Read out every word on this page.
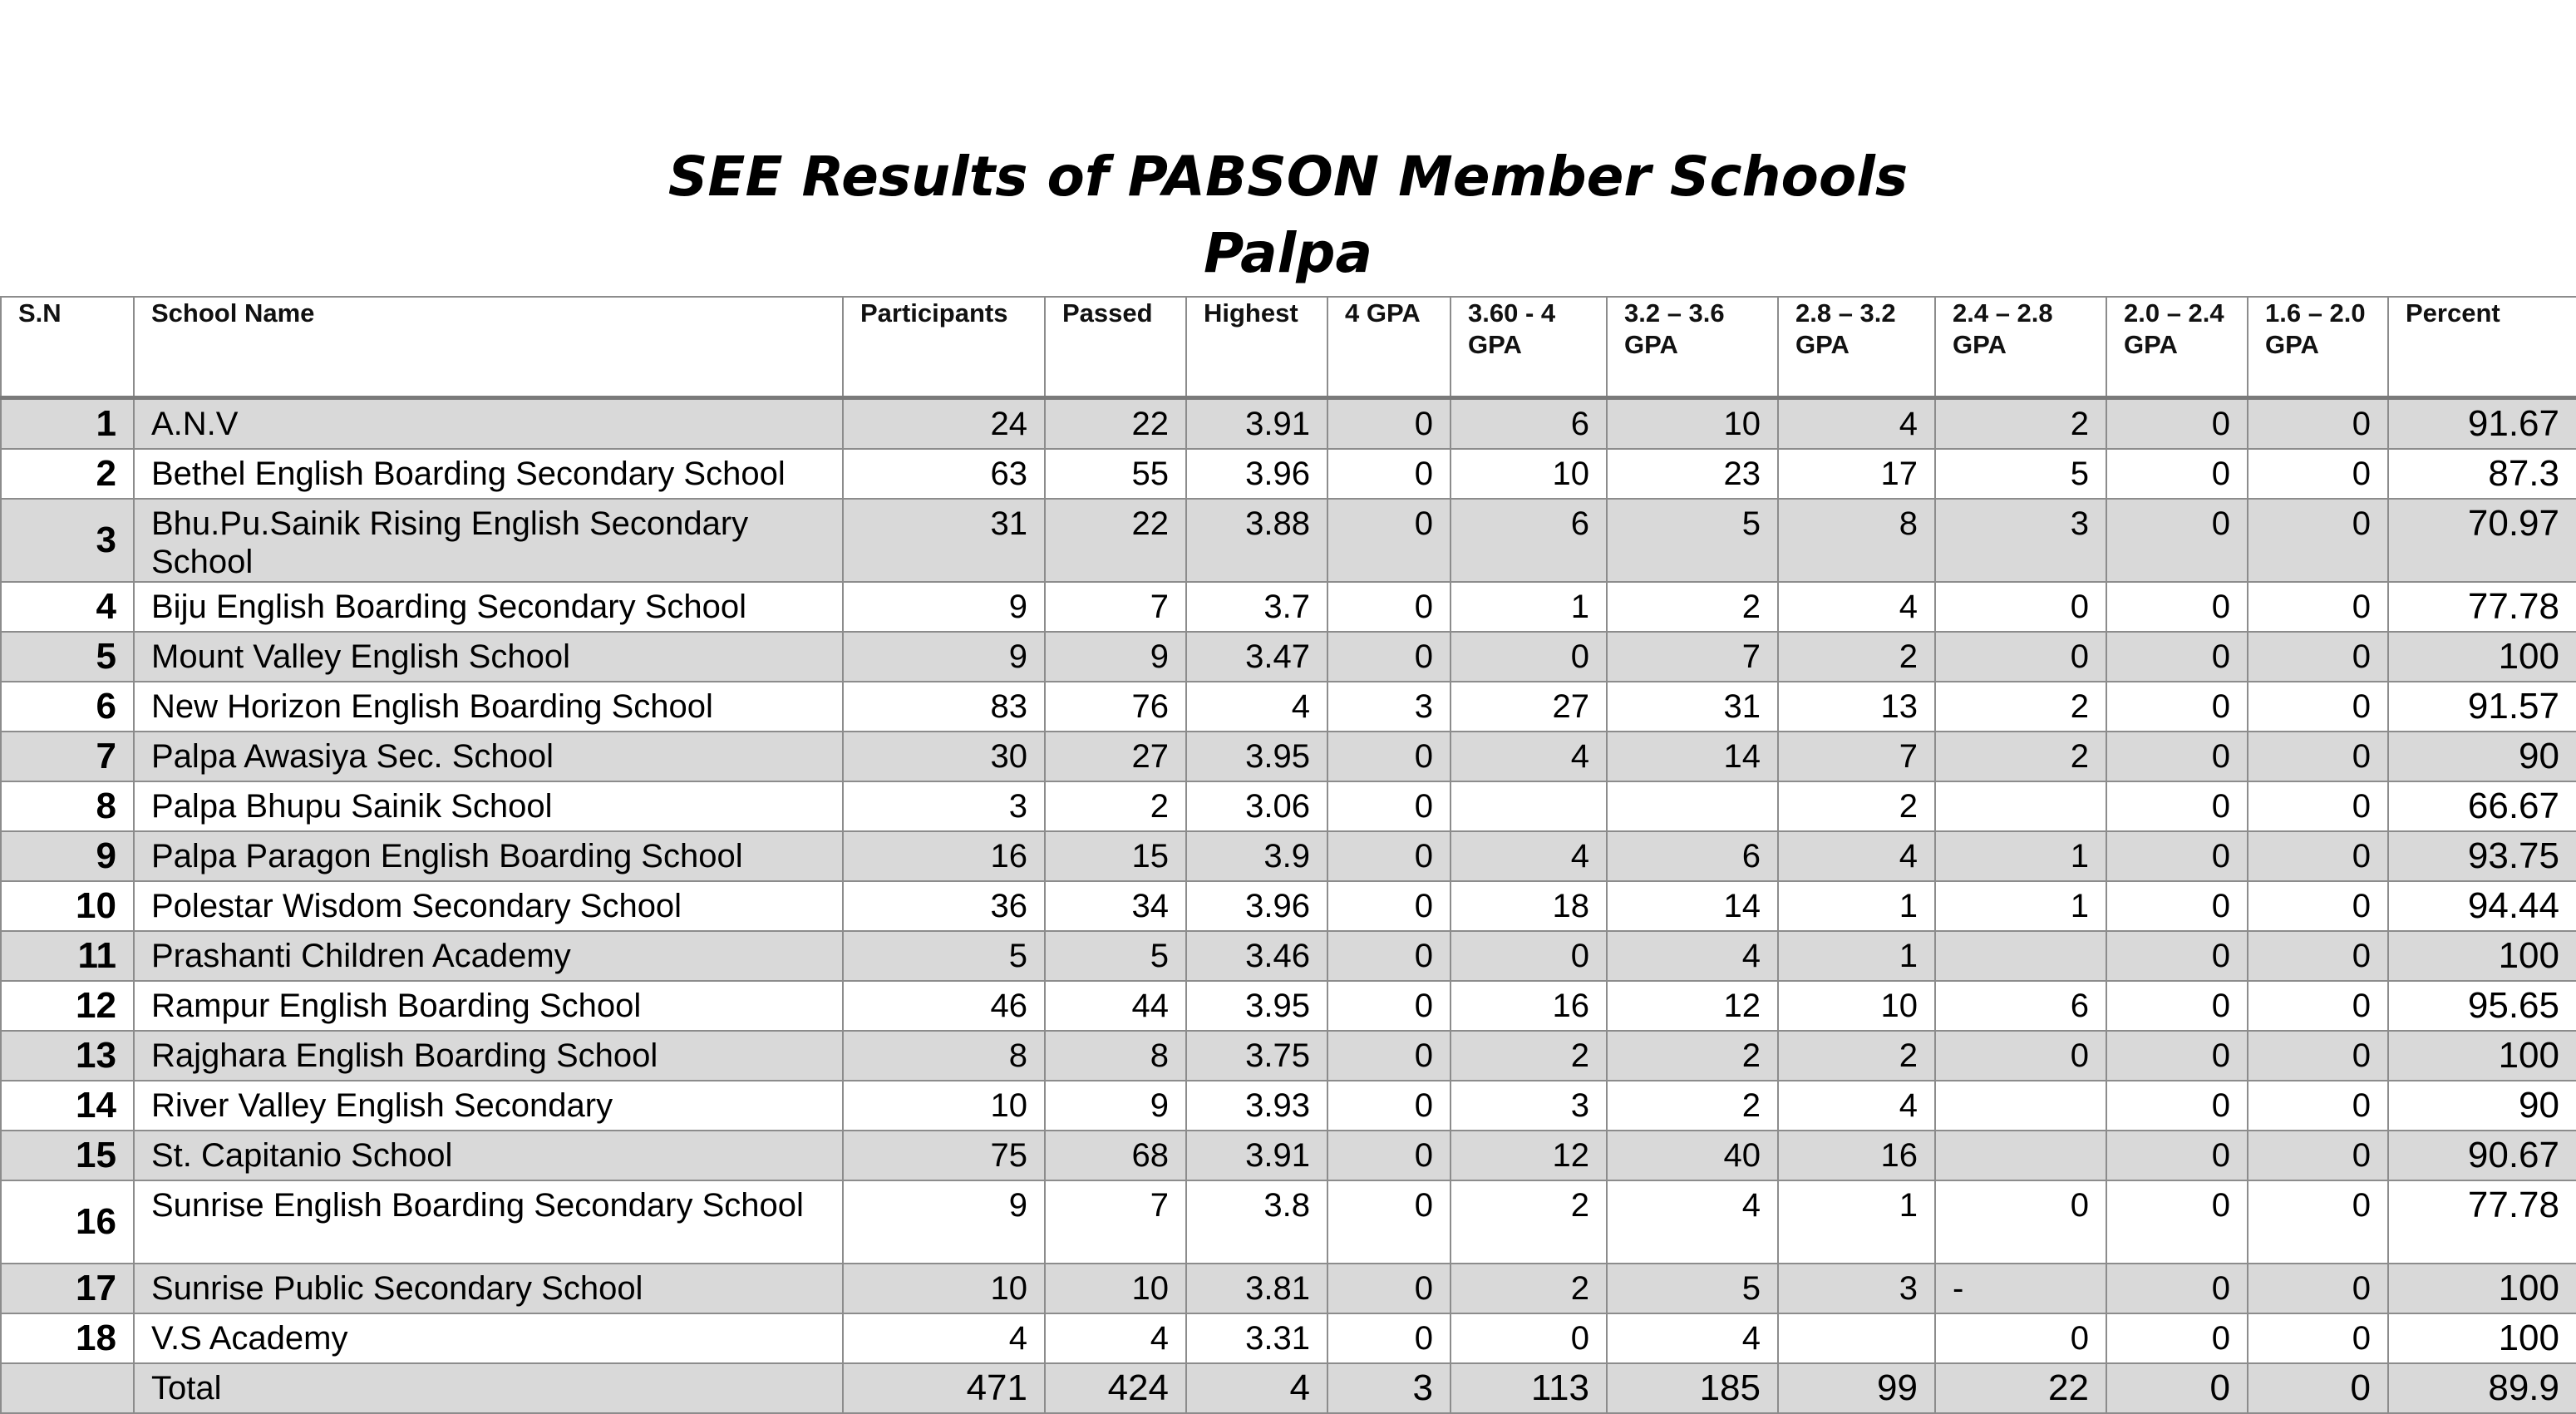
SEE Results of PABSON Member Schools
Palpa
S.N	School Name	Participants	Passed	Highest	4 GPA	3.60 - 4 GPA	3.2 – 3.6 GPA	2.8 – 3.2 GPA	2.4 – 2.8 GPA	2.0 – 2.4 GPA	1.6 – 2.0 GPA	Percent
1	A.N.V	24	22	3.91	0	6	10	4	2	0	0	91.67
2	Bethel English Boarding Secondary School	63	55	3.96	0	10	23	17	5	0	0	87.3
3	Bhu.Pu.Sainik Rising English Secondary School	31	22	3.88	0	6	5	8	3	0	0	70.97
4	Biju English Boarding Secondary School	9	7	3.7	0	1	2	4	0	0	0	77.78
5	Mount Valley English School	9	9	3.47	0	0	7	2	0	0	0	100
6	New Horizon English Boarding School	83	76	4	3	27	31	13	2	0	0	91.57
7	Palpa Awasiya Sec. School	30	27	3.95	0	4	14	7	2	0	0	90
8	Palpa Bhupu Sainik School	3	2	3.06	0			2		0	0	66.67
9	Palpa Paragon English Boarding School	16	15	3.9	0	4	6	4	1	0	0	93.75
10	Polestar Wisdom Secondary School	36	34	3.96	0	18	14	1	1	0	0	94.44
11	Prashanti Children Academy	5	5	3.46	0	0	4	1		0	0	100
12	Rampur English Boarding School	46	44	3.95	0	16	12	10	6	0	0	95.65
13	Rajghara English Boarding School	8	8	3.75	0	2	2	2	0	0	0	100
14	River Valley English Secondary	10	9	3.93	0	3	2	4		0	0	90
15	St. Capitanio School	75	68	3.91	0	12	40	16		0	0	90.67
16	Sunrise English Boarding Secondary School	9	7	3.8	0	2	4	1	0	0	0	77.78
17	Sunrise Public Secondary School	10	10	3.81	0	2	5	3	-	0	0	100
18	V.S Academy	4	4	3.31	0	0	4		0	0	0	100
	Total	471	424	4	3	113	185	99	22	0	0	89.9
